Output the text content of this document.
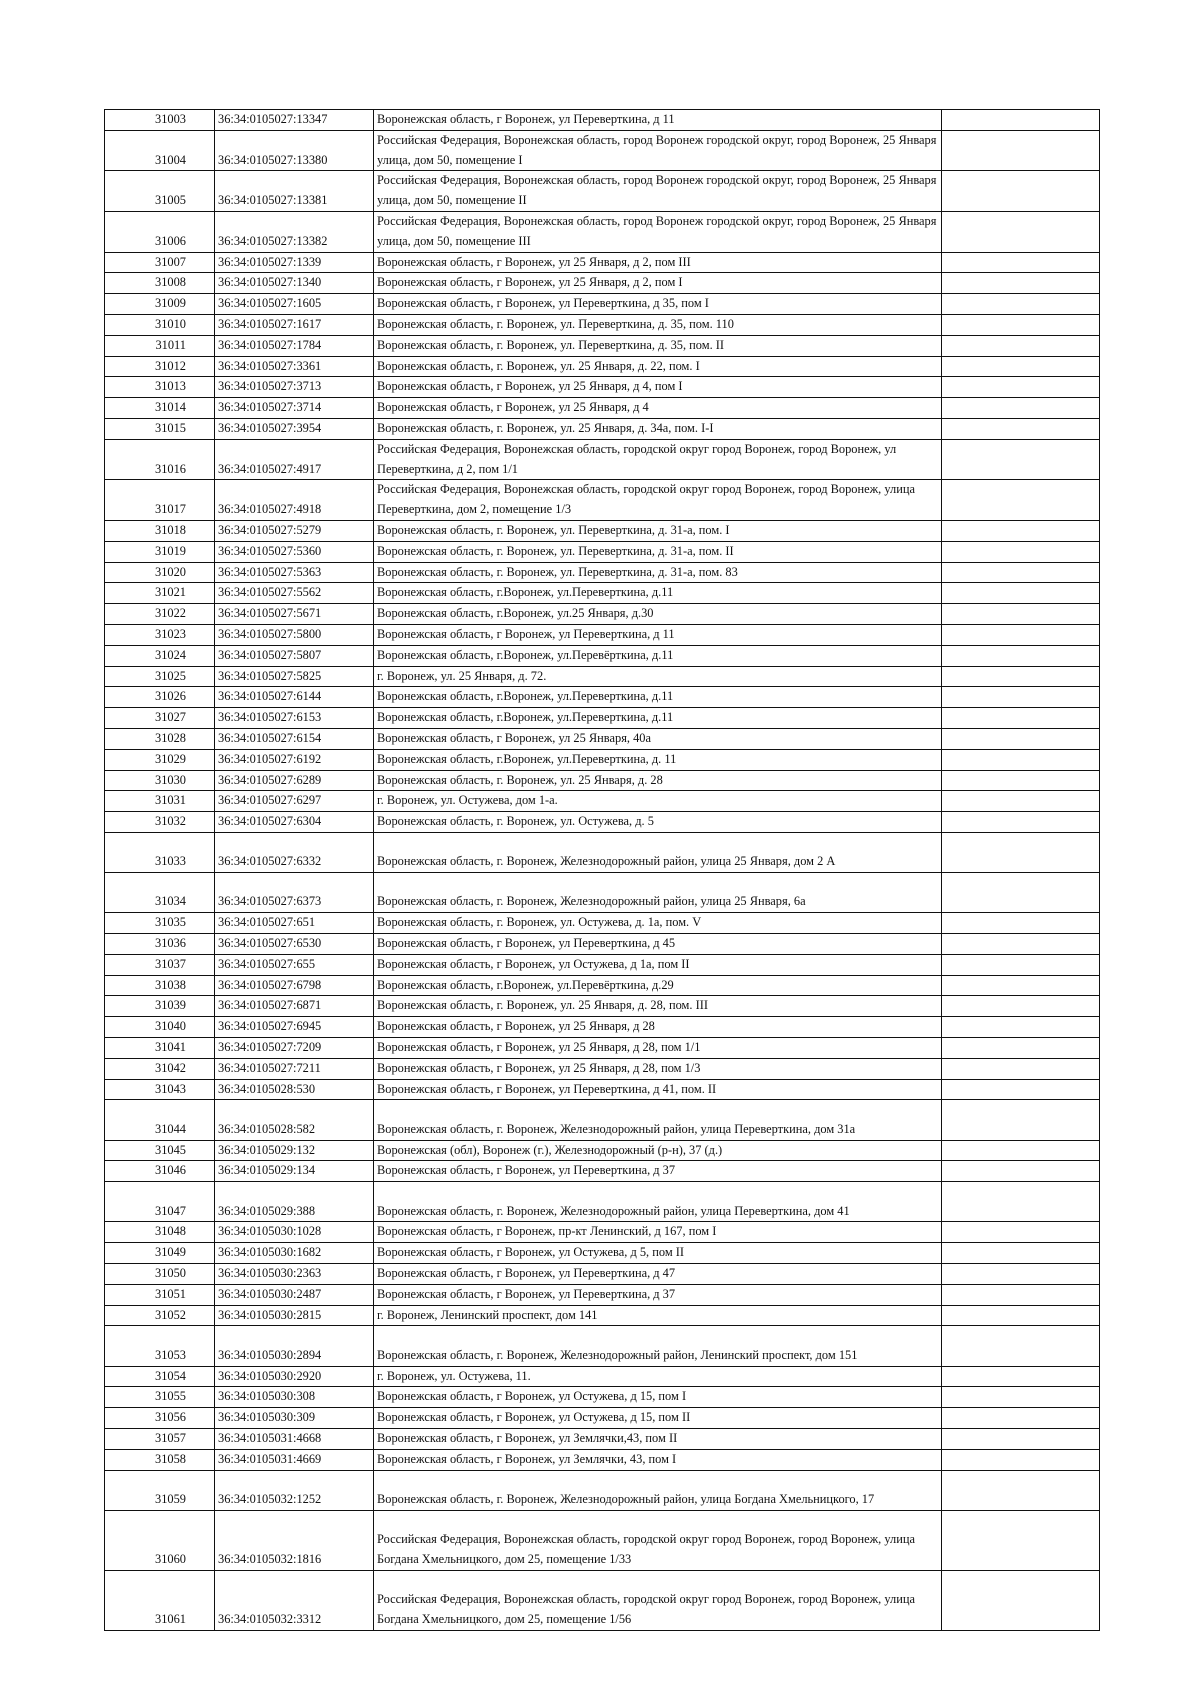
31003	36:34:0105027:13347	Воронежская область, г Воронеж, ул Переверткина, д 11	
31004	36:34:0105027:13380	Российская Федерация, Воронежская область, город Воронеж городской округ, город Воронеж, 25 Января улица, дом 50, помещение I	
31005	36:34:0105027:13381	Российская Федерация, Воронежская область, город Воронеж городской округ, город Воронеж, 25 Января улица, дом 50, помещение II	
31006	36:34:0105027:13382	Российская Федерация, Воронежская область, город Воронеж городской округ, город Воронеж, 25 Января улица, дом 50, помещение III	
31007	36:34:0105027:1339	Воронежская область, г Воронеж, ул 25 Января, д 2, пом III	
31008	36:34:0105027:1340	Воронежская область, г Воронеж, ул 25 Января, д 2, пом I	
31009	36:34:0105027:1605	Воронежская область, г Воронеж, ул Переверткина, д 35, пом I	
31010	36:34:0105027:1617	Воронежская область, г. Воронеж, ул. Переверткина, д. 35, пом. 110	
31011	36:34:0105027:1784	Воронежская область, г. Воронеж, ул. Переверткина, д. 35, пом. II	
31012	36:34:0105027:3361	Воронежская область, г. Воронеж, ул. 25 Января, д. 22, пом. I	
31013	36:34:0105027:3713	Воронежская область, г Воронеж, ул 25 Января, д 4, пом I	
31014	36:34:0105027:3714	Воронежская область, г Воронеж, ул 25 Января, д 4	
31015	36:34:0105027:3954	Воронежская область, г. Воронеж, ул. 25 Января, д. 34а, пом. I-I	
31016	36:34:0105027:4917	Российская Федерация, Воронежская область, городской округ город Воронеж, город Воронеж, ул Переверткина, д 2, пом 1/1	
31017	36:34:0105027:4918	Российская Федерация, Воронежская область, городской округ город Воронеж, город Воронеж, улица Переверткина, дом 2, помещение 1/3	
31018	36:34:0105027:5279	Воронежская область, г. Воронеж, ул. Переверткина, д. 31-а, пом. I	
31019	36:34:0105027:5360	Воронежская область, г. Воронеж, ул. Переверткина, д. 31-а, пом. II	
31020	36:34:0105027:5363	Воронежская область, г. Воронеж, ул. Переверткина, д. 31-а, пом. 83	
31021	36:34:0105027:5562	Воронежская область, г.Воронеж, ул.Переверткина, д.11	
31022	36:34:0105027:5671	Воронежская область, г.Воронеж, ул.25 Января, д.30	
31023	36:34:0105027:5800	Воронежская область, г Воронеж, ул Переверткина, д 11	
31024	36:34:0105027:5807	Воронежская область, г.Воронеж, ул.Перевёрткина, д.11	
31025	36:34:0105027:5825	г. Воронеж, ул. 25 Января, д. 72.	
31026	36:34:0105027:6144	Воронежская область, г.Воронеж, ул.Переверткина, д.11	
31027	36:34:0105027:6153	Воронежская область, г.Воронеж, ул.Переверткина, д.11	
31028	36:34:0105027:6154	Воронежская область, г Воронеж, ул 25 Января, 40а	
31029	36:34:0105027:6192	Воронежская область, г.Воронеж, ул.Переверткина, д. 11	
31030	36:34:0105027:6289	Воронежская область, г. Воронеж, ул. 25 Января, д. 28	
31031	36:34:0105027:6297	г. Воронеж, ул. Остужева, дом 1-а.	
31032	36:34:0105027:6304	Воронежская область, г. Воронеж, ул. Остужева, д. 5	
31033	36:34:0105027:6332	Воронежская область, г. Воронеж, Железнодорожный район, улица 25 Января, дом 2 А	
31034	36:34:0105027:6373	Воронежская область, г. Воронеж, Железнодорожный район, улица 25 Января, 6а	
31035	36:34:0105027:651	Воронежская область, г. Воронеж, ул. Остужева, д. 1а, пом. V	
31036	36:34:0105027:6530	Воронежская область, г Воронеж, ул Переверткина, д 45	
31037	36:34:0105027:655	Воронежская область, г Воронеж, ул Остужева, д 1а, пом II	
31038	36:34:0105027:6798	Воронежская область, г.Воронеж, ул.Перевёрткина, д.29	
31039	36:34:0105027:6871	Воронежская область, г. Воронеж, ул. 25 Января, д. 28, пом. III	
31040	36:34:0105027:6945	Воронежская область, г Воронеж, ул 25 Января, д 28	
31041	36:34:0105027:7209	Воронежская область, г Воронеж, ул 25 Января, д 28, пом 1/1	
31042	36:34:0105027:7211	Воронежская область, г Воронеж, ул 25 Января, д 28, пом 1/3	
31043	36:34:0105028:530	Воронежская область, г Воронеж, ул Переверткина, д 41, пом. II	
31044	36:34:0105028:582	Воронежская область, г. Воронеж, Железнодорожный район, улица Переверткина, дом 31а	
31045	36:34:0105029:132	Воронежская (обл), Воронеж (г.), Железнодорожный (р-н), 37 (д.)	
31046	36:34:0105029:134	Воронежская область, г Воронеж, ул Переверткина, д 37	
31047	36:34:0105029:388	Воронежская область, г. Воронеж, Железнодорожный район, улица Переверткина, дом 41	
31048	36:34:0105030:1028	Воронежская область, г Воронеж, пр-кт Ленинский, д 167, пом I	
31049	36:34:0105030:1682	Воронежская область, г Воронеж, ул Остужева, д 5, пом II	
31050	36:34:0105030:2363	Воронежская область, г Воронеж, ул Переверткина, д 47	
31051	36:34:0105030:2487	Воронежская область, г Воронеж, ул Переверткина, д 37	
31052	36:34:0105030:2815	г. Воронеж, Ленинский проспект, дом 141	
31053	36:34:0105030:2894	Воронежская область, г. Воронеж, Железнодорожный район, Ленинский проспект, дом 151	
31054	36:34:0105030:2920	г. Воронеж, ул. Остужева, 11.	
31055	36:34:0105030:308	Воронежская область, г Воронеж, ул Остужева, д 15, пом I	
31056	36:34:0105030:309	Воронежская область, г Воронеж, ул Остужева, д 15, пом II	
31057	36:34:0105031:4668	Воронежская область, г Воронеж, ул Землячки,43, пом II	
31058	36:34:0105031:4669	Воронежская область, г Воронеж, ул Землячки, 43, пом I	
31059	36:34:0105032:1252	Воронежская область, г. Воронеж, Железнодорожный район, улица Богдана Хмельницкого, 17	
31060	36:34:0105032:1816	Российская Федерация, Воронежская область, городской округ город Воронеж, город Воронеж, улица Богдана Хмельницкого, дом 25, помещение 1/33	
31061	36:34:0105032:3312	Российская Федерация, Воронежская область, городской округ город Воронеж, город Воронеж, улица Богдана Хмельницкого, дом 25, помещение 1/56	
